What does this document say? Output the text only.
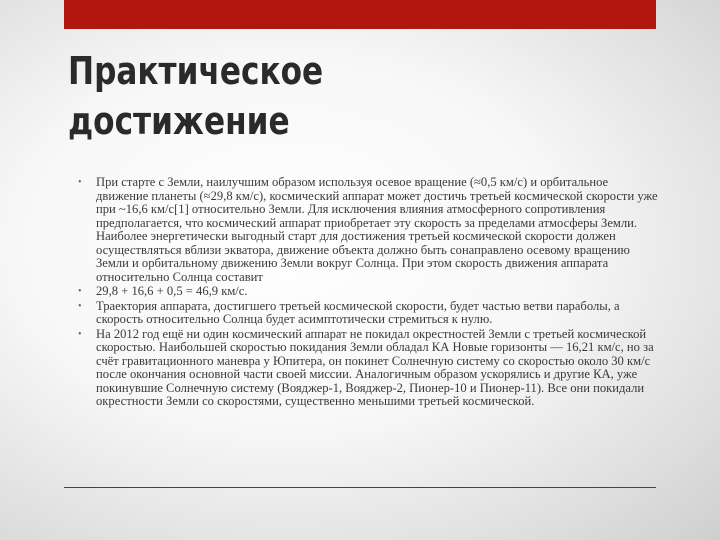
Практическое
достижение
• При старте с Земли, наилучшим образом используя осевое вращение (≈0,5 км/с) и орбитальное движение планеты (≈29,8 км/с), космический аппарат может достичь третьей космической скорости уже при ~16,6 км/с[1] относительно Земли. Для исключения влияния атмосферного сопротивления предполагается, что космический аппарат приобретает эту скорость за пределами атмосферы Земли. Наиболее энергетически выгодный старт для достижения третьей космической скорости должен осуществляться вблизи экватора, движение объекта должно быть сонаправлено осевому вращению Земли и орбитальному движению Земли вокруг Солнца. При этом скорость движения аппарата относительно Солнца составит
• 29,8 + 16,6 + 0,5 = 46,9 км/с.
• Траектория аппарата, достигшего третьей космической скорости, будет частью ветви параболы, а скорость относительно Солнца будет асимптотически стремиться к нулю.
• На 2012 год ещё ни один космический аппарат не покидал окрестностей Земли с третьей космической скоростью. Наибольшей скоростью покидания Земли обладал КА Новые горизонты — 16,21 км/с, но за счёт гравитационного маневра у Юпитера, он покинет Солнечную систему со скоростью около 30 км/с после окончания основной части своей миссии. Аналогичным образом ускорялись и другие КА, уже покинувшие Солнечную систему (Вояджер-1, Вояджер-2, Пионер-10 и Пионер-11). Все они покидали окрестности Земли со скоростями, существенно меньшими третьей космической.
